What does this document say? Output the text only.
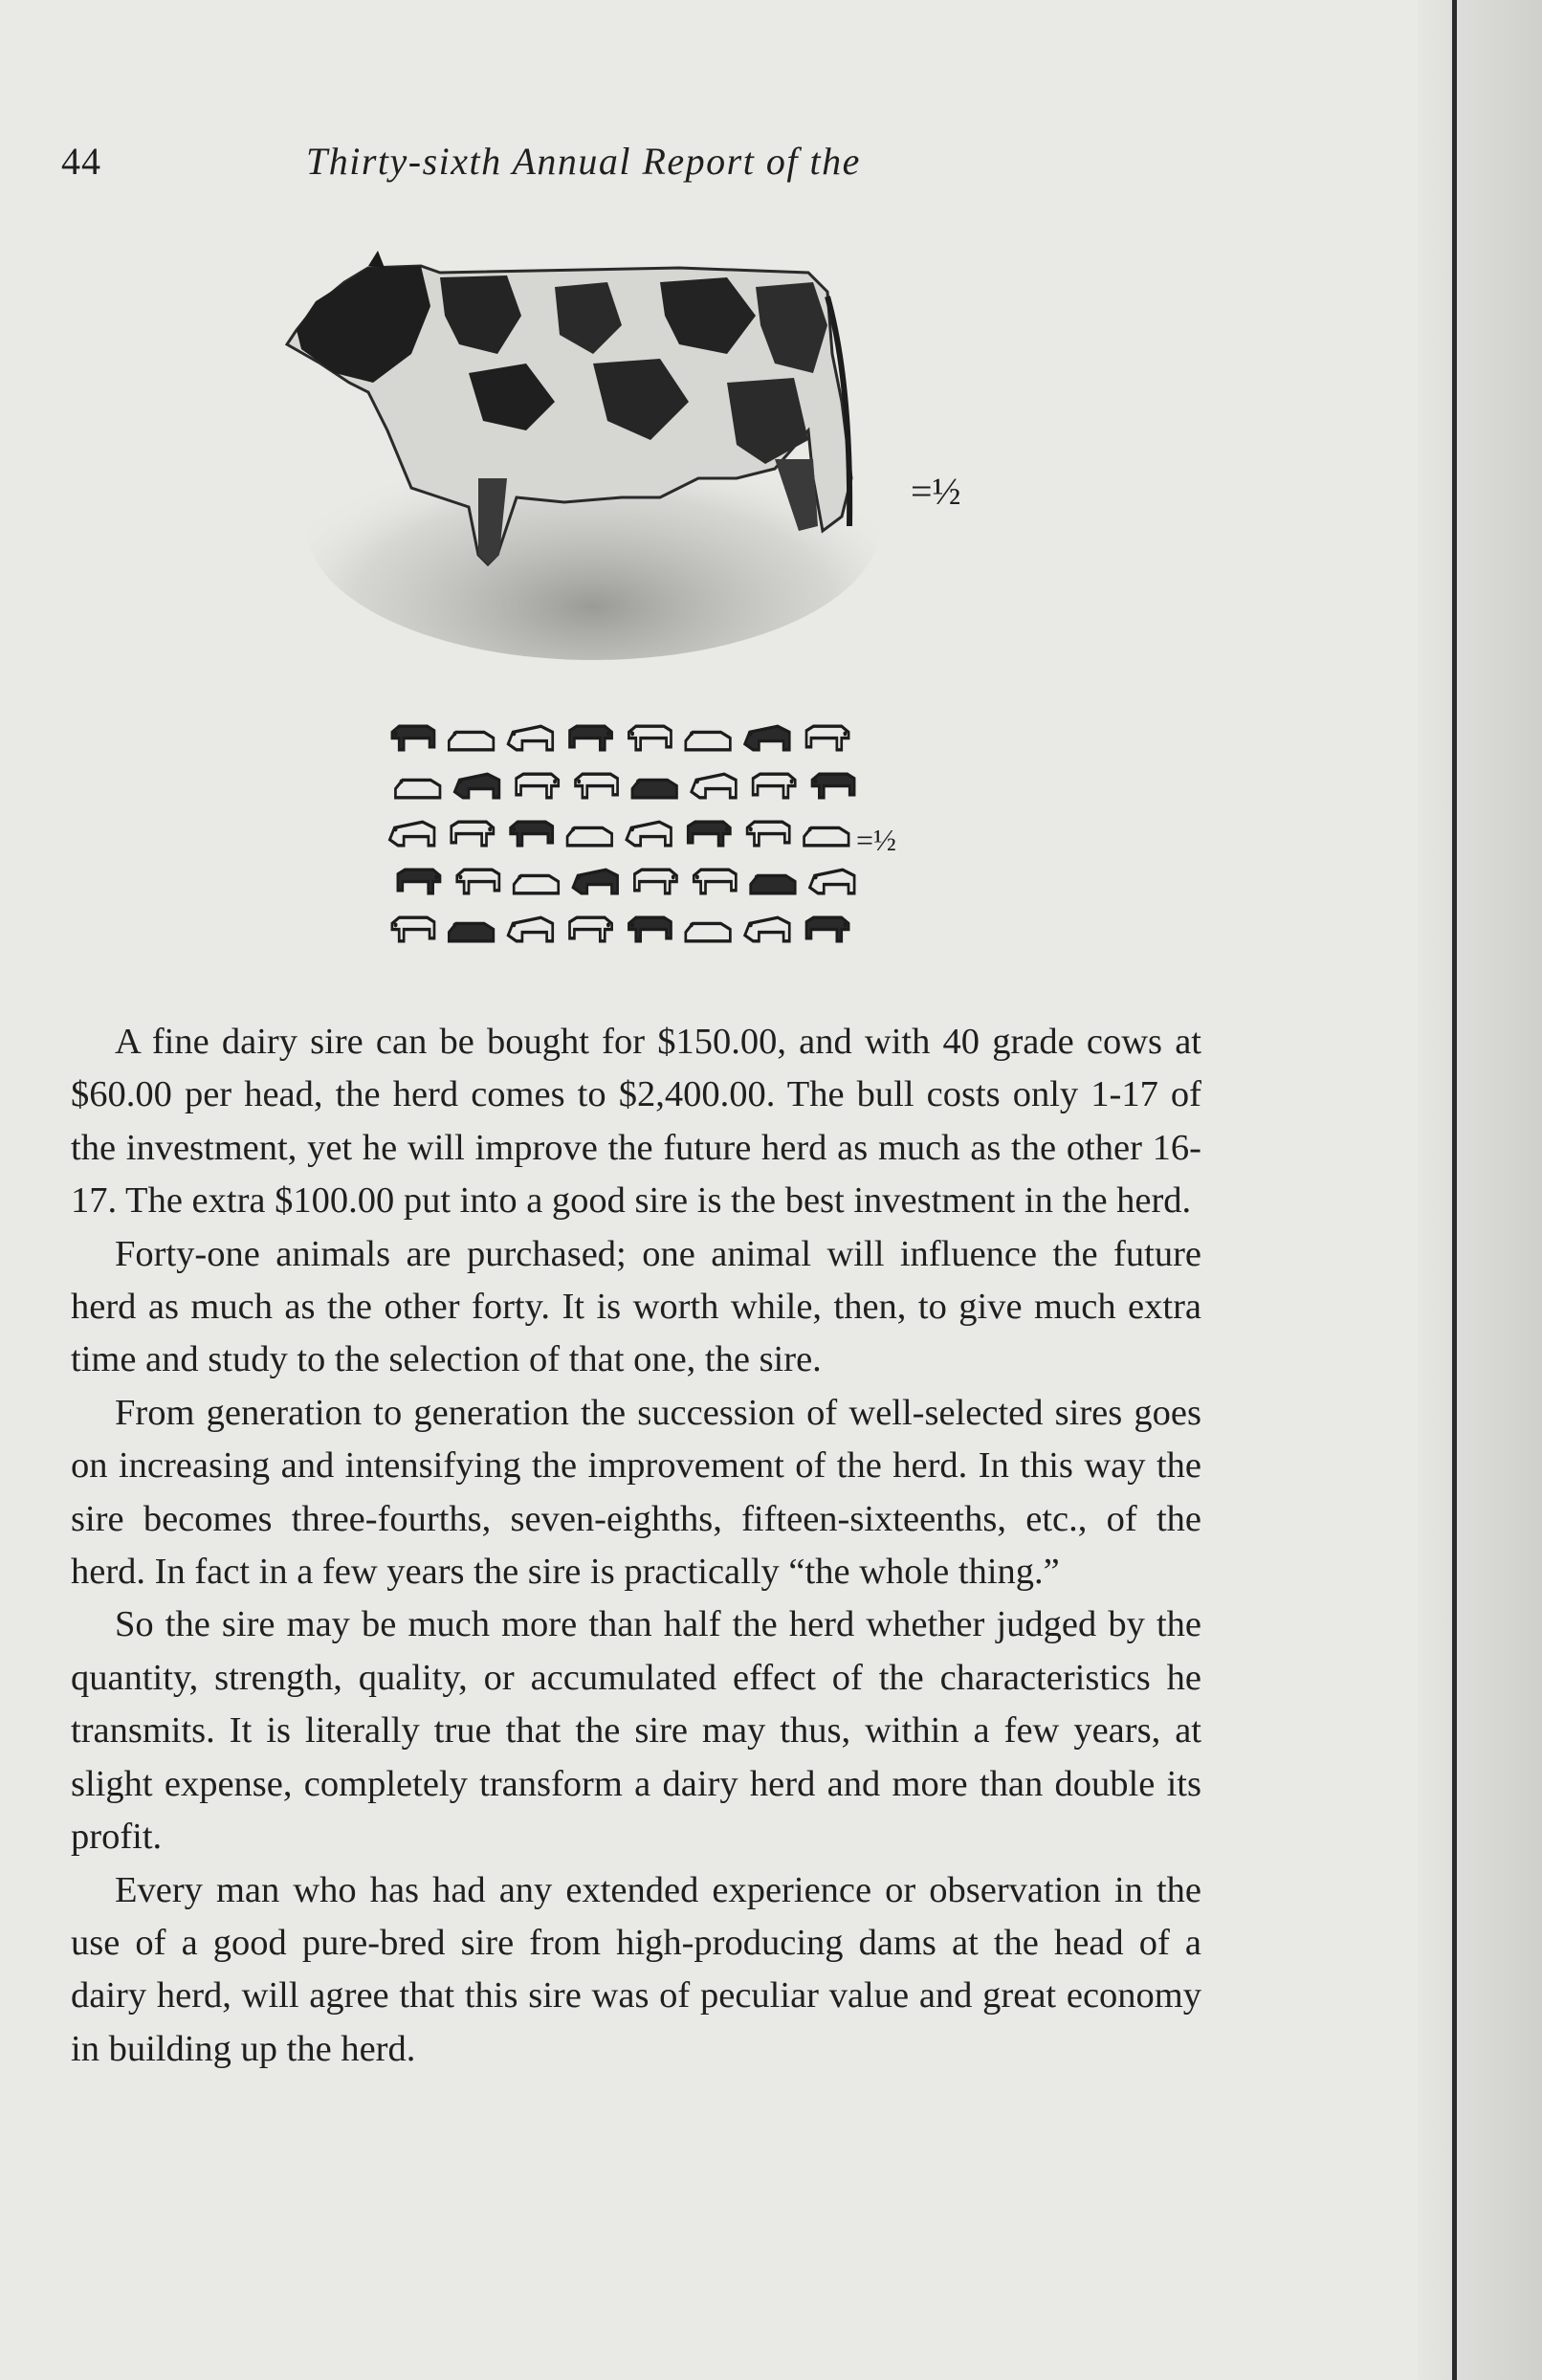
44	Thirty-sixth Annual Report of the
=½
=½

A fine dairy sire can be bought for $150.00, and with 40 grade cows at $60.00 per head, the herd comes to $2,400.00. The bull costs only 1-17 of the investment, yet he will improve the future herd as much as the other 16-17. The extra $100.00 put into a good sire is the best investment in the herd.

Forty-one animals are purchased; one animal will influence the future herd as much as the other forty. It is worth while, then, to give much extra time and study to the selection of that one, the sire.

From generation to generation the succession of well-selected sires goes on increasing and intensifying the improvement of the herd. In this way the sire becomes three-fourths, seven-eighths, fifteen-sixteenths, etc., of the herd. In fact in a few years the sire is practically “the whole thing.”

So the sire may be much more than half the herd whether judged by the quantity, strength, quality, or accumulated effect of the characteristics he transmits. It is literally true that the sire may thus, within a few years, at slight expense, completely transform a dairy herd and more than double its profit.

Every man who has had any extended experience or observation in the use of a good pure-bred sire from high-producing dams at the head of a dairy herd, will agree that this sire was of peculiar value and great economy in building up the herd.
